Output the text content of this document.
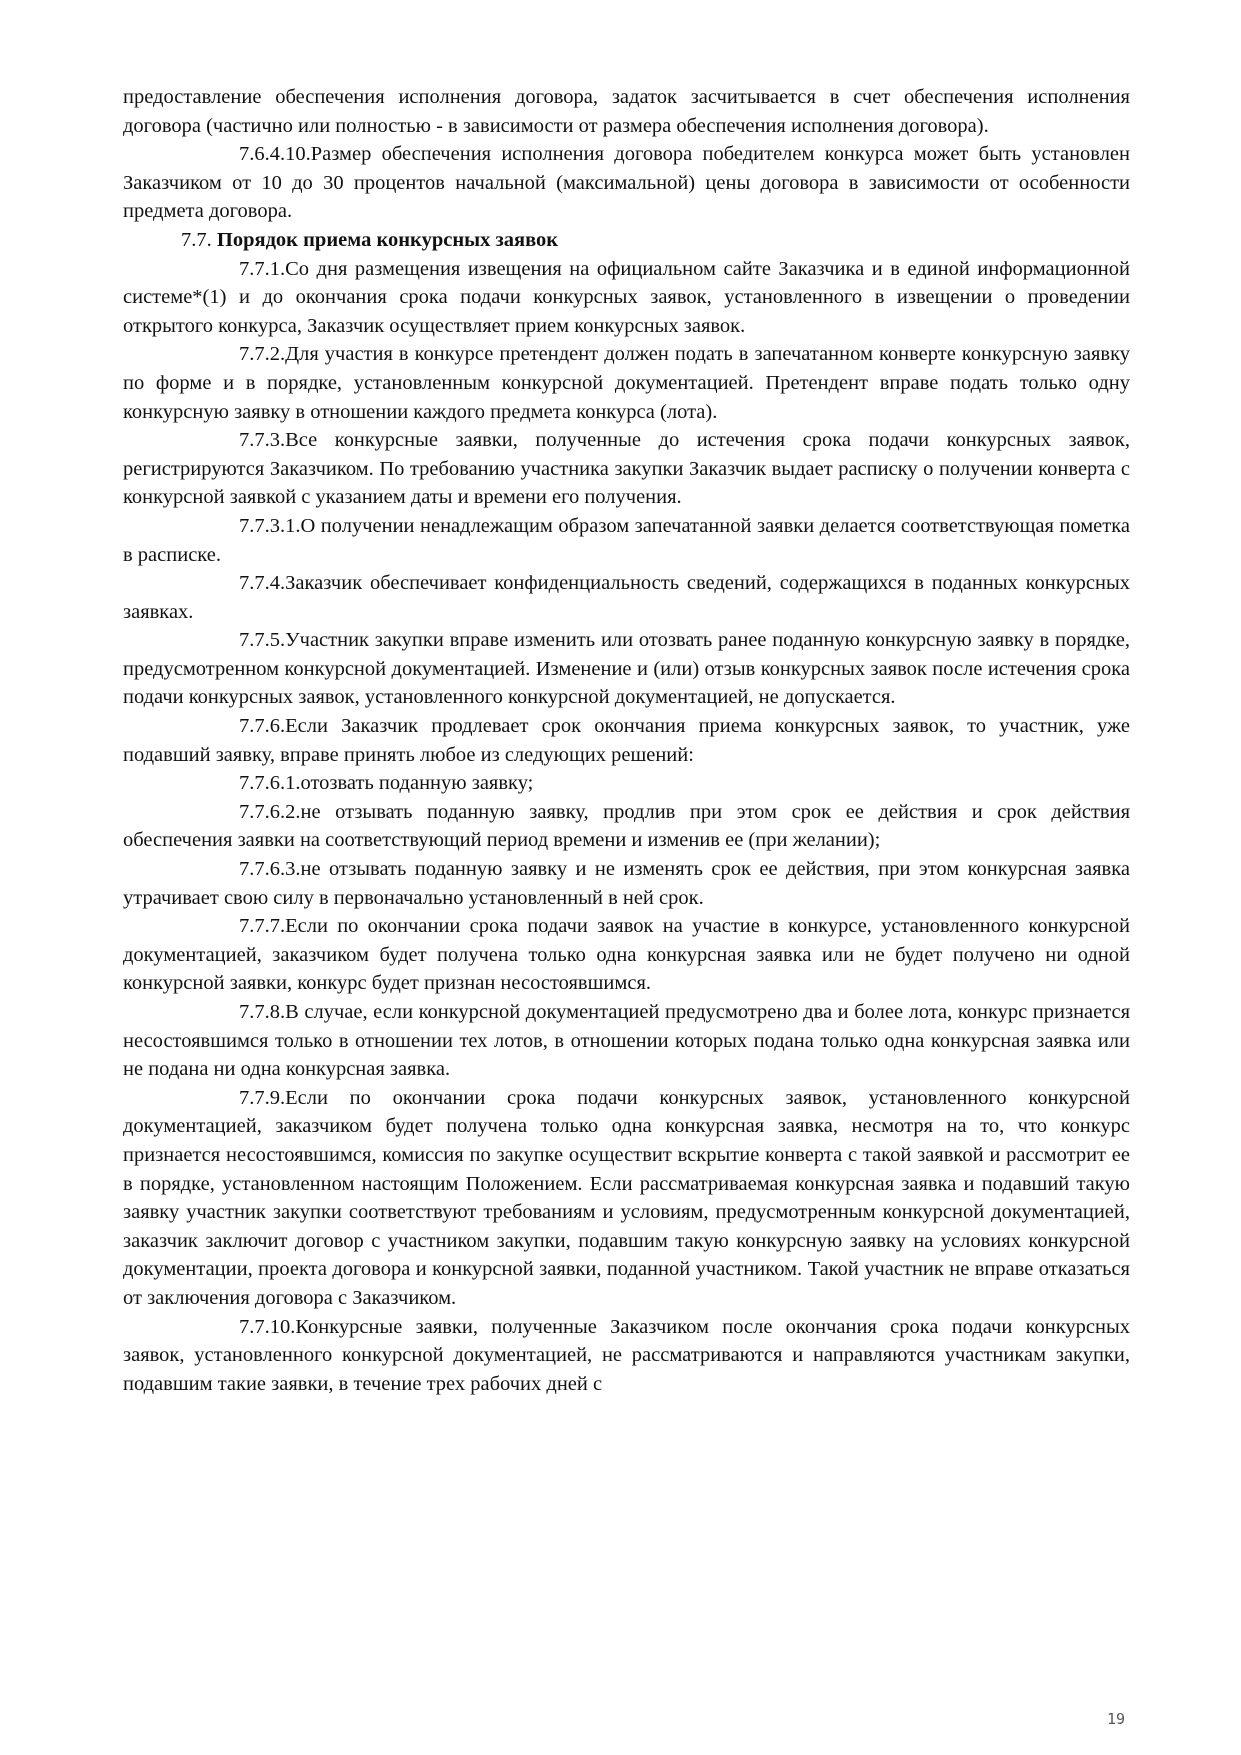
предоставление обеспечения исполнения договора, задаток засчитывается в счет обеспечения исполнения договора (частично или полностью - в зависимости от размера обеспечения исполнения договора).

7.6.4.10.Размер обеспечения исполнения договора победителем конкурса может быть установлен Заказчиком от 10 до 30 процентов начальной (максимальной) цены договора в зависимости от особенности предмета договора.

7.7. Порядок приема конкурсных заявок

7.7.1.Со дня размещения извещения на официальном сайте Заказчика и в единой информационной системе*(1) и до окончания срока подачи конкурсных заявок, установленного в извещении о проведении открытого конкурса, Заказчик осуществляет прием конкурсных заявок.

7.7.2.Для участия в конкурсе претендент должен подать в запечатанном конверте конкурсную заявку по форме и в порядке, установленным конкурсной документацией. Претендент вправе подать только одну конкурсную заявку в отношении каждого предмета конкурса (лота).

7.7.3.Все конкурсные заявки, полученные до истечения срока подачи конкурсных заявок, регистрируются Заказчиком. По требованию участника закупки Заказчик выдает расписку о получении конверта с конкурсной заявкой с указанием даты и времени его получения.

7.7.3.1.О получении ненадлежащим образом запечатанной заявки делается соответствующая пометка в расписке.

7.7.4.Заказчик обеспечивает конфиденциальность сведений, содержащихся в поданных конкурсных заявках.

7.7.5.Участник закупки вправе изменить или отозвать ранее поданную конкурсную заявку в порядке, предусмотренном конкурсной документацией. Изменение и (или) отзыв конкурсных заявок после истечения срока подачи конкурсных заявок, установленного конкурсной документацией, не допускается.

7.7.6.Если Заказчик продлевает срок окончания приема конкурсных заявок, то участник, уже подавший заявку, вправе принять любое из следующих решений:

7.7.6.1.отозвать поданную заявку;

7.7.6.2.не отзывать поданную заявку, продлив при этом срок ее действия и срок действия обеспечения заявки на соответствующий период времени и изменив ее (при желании);

7.7.6.3.не отзывать поданную заявку и не изменять срок ее действия, при этом конкурсная заявка утрачивает свою силу в первоначально установленный в ней срок.

7.7.7.Если по окончании срока подачи заявок на участие в конкурсе, установленного конкурсной документацией, заказчиком будет получена только одна конкурсная заявка или не будет получено ни одной конкурсной заявки, конкурс будет признан несостоявшимся.

7.7.8.В случае, если конкурсной документацией предусмотрено два и более лота, конкурс признается несостоявшимся только в отношении тех лотов, в отношении которых подана только одна конкурсная заявка или не подана ни одна конкурсная заявка.

7.7.9.Если по окончании срока подачи конкурсных заявок, установленного конкурсной документацией, заказчиком будет получена только одна конкурсная заявка, несмотря на то, что конкурс признается несостоявшимся, комиссия по закупке осуществит вскрытие конверта с такой заявкой и рассмотрит ее в порядке, установленном настоящим Положением. Если рассматриваемая конкурсная заявка и подавший такую заявку участник закупки соответствуют требованиям и условиям, предусмотренным конкурсной документацией, заказчик заключит договор с участником закупки, подавшим такую конкурсную заявку на условиях конкурсной документации, проекта договора и конкурсной заявки, поданной участником. Такой участник не вправе отказаться от заключения договора с Заказчиком.

7.7.10.Конкурсные заявки, полученные Заказчиком после окончания срока подачи конкурсных заявок, установленного конкурсной документацией, не рассматриваются и направляются участникам закупки, подавшим такие заявки, в течение трех рабочих дней с

19
